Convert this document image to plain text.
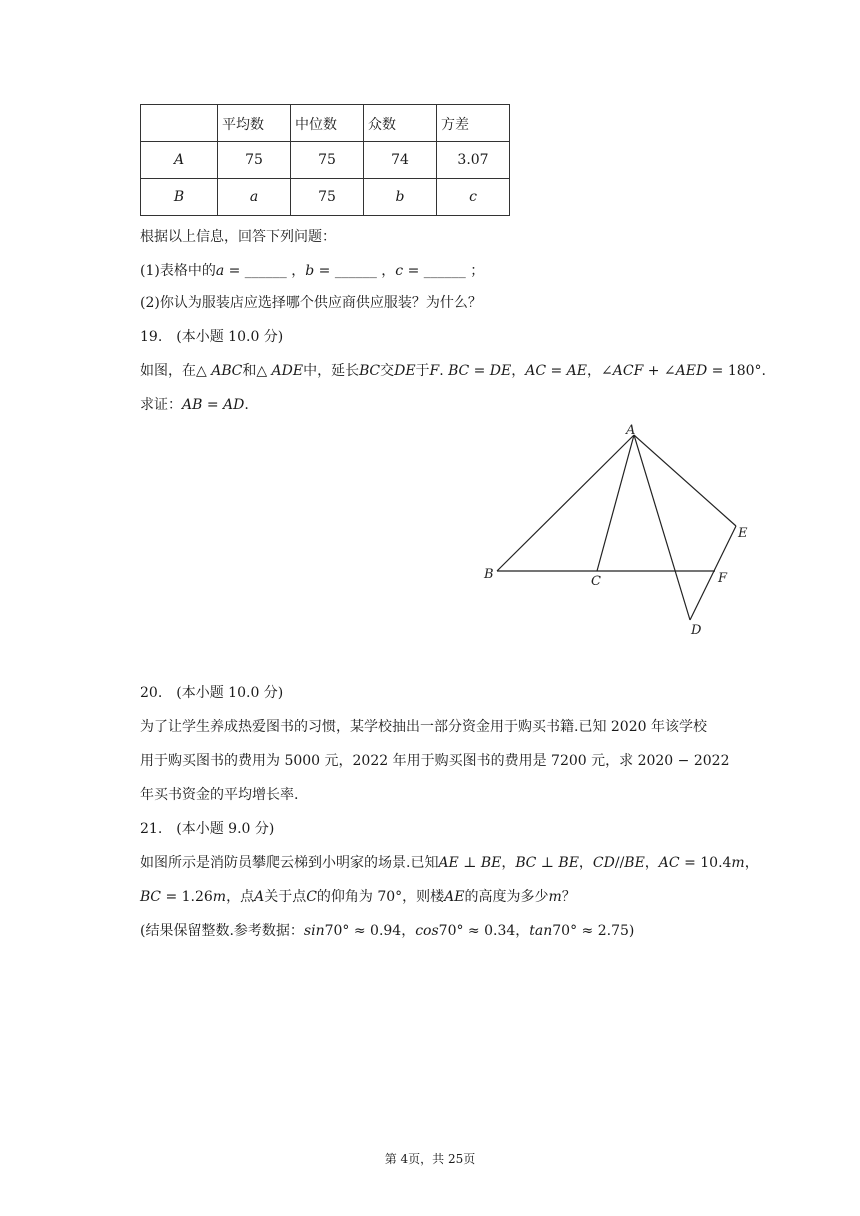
	平均数	中位数	众数	方差
A	75	75	74	3.07
B	a	75	b	c
根据以上信息，回答下列问题：
(1)表格中的𝑎 = ______ ，𝑏 = ______ ，𝑐 = ______ ；
(2)你认为服装店应选择哪个供应商供应服装？为什么？
19.　(本小题 10.0 分)
如图，在△ 𝐴𝐵𝐶和△ 𝐴𝐷𝐸中，延长𝐵𝐶交𝐷𝐸于𝐹. 𝐵𝐶 = 𝐷𝐸，𝐴𝐶 = 𝐴𝐸，∠𝐴𝐶𝐹 + ∠𝐴𝐸𝐷 = 180°.
求证：𝐴𝐵 = 𝐴𝐷.
A
B	C
D
E
F
20.　(本小题 10.0 分)
为了让学生养成热爱图书的习惯，某学校抽出一部分资金用于购买书籍.已知 2020 年该学校
用于购买图书的费用为 5000 元，2022 年用于购买图书的费用是 7200 元，求 2020 − 2022
年买书资金的平均增长率.
21.　(本小题 9.0 分)
如图所示是消防员攀爬云梯到小明家的场景.已知𝐴𝐸 ⊥ 𝐵𝐸，𝐵𝐶 ⊥ 𝐵𝐸，𝐶𝐷//𝐵𝐸，𝐴𝐶 = 10.4𝑚，
𝐵𝐶 = 1.26𝑚，点𝐴关于点𝐶的仰角为 70°，则楼𝐴𝐸的高度为多少𝑚？
(结果保留整数.参考数据：𝑠𝑖𝑛70° ≈ 0.94，𝑐𝑜𝑠70° ≈ 0.34，𝑡𝑎𝑛70° ≈ 2.75)
第 4页，共 25页
